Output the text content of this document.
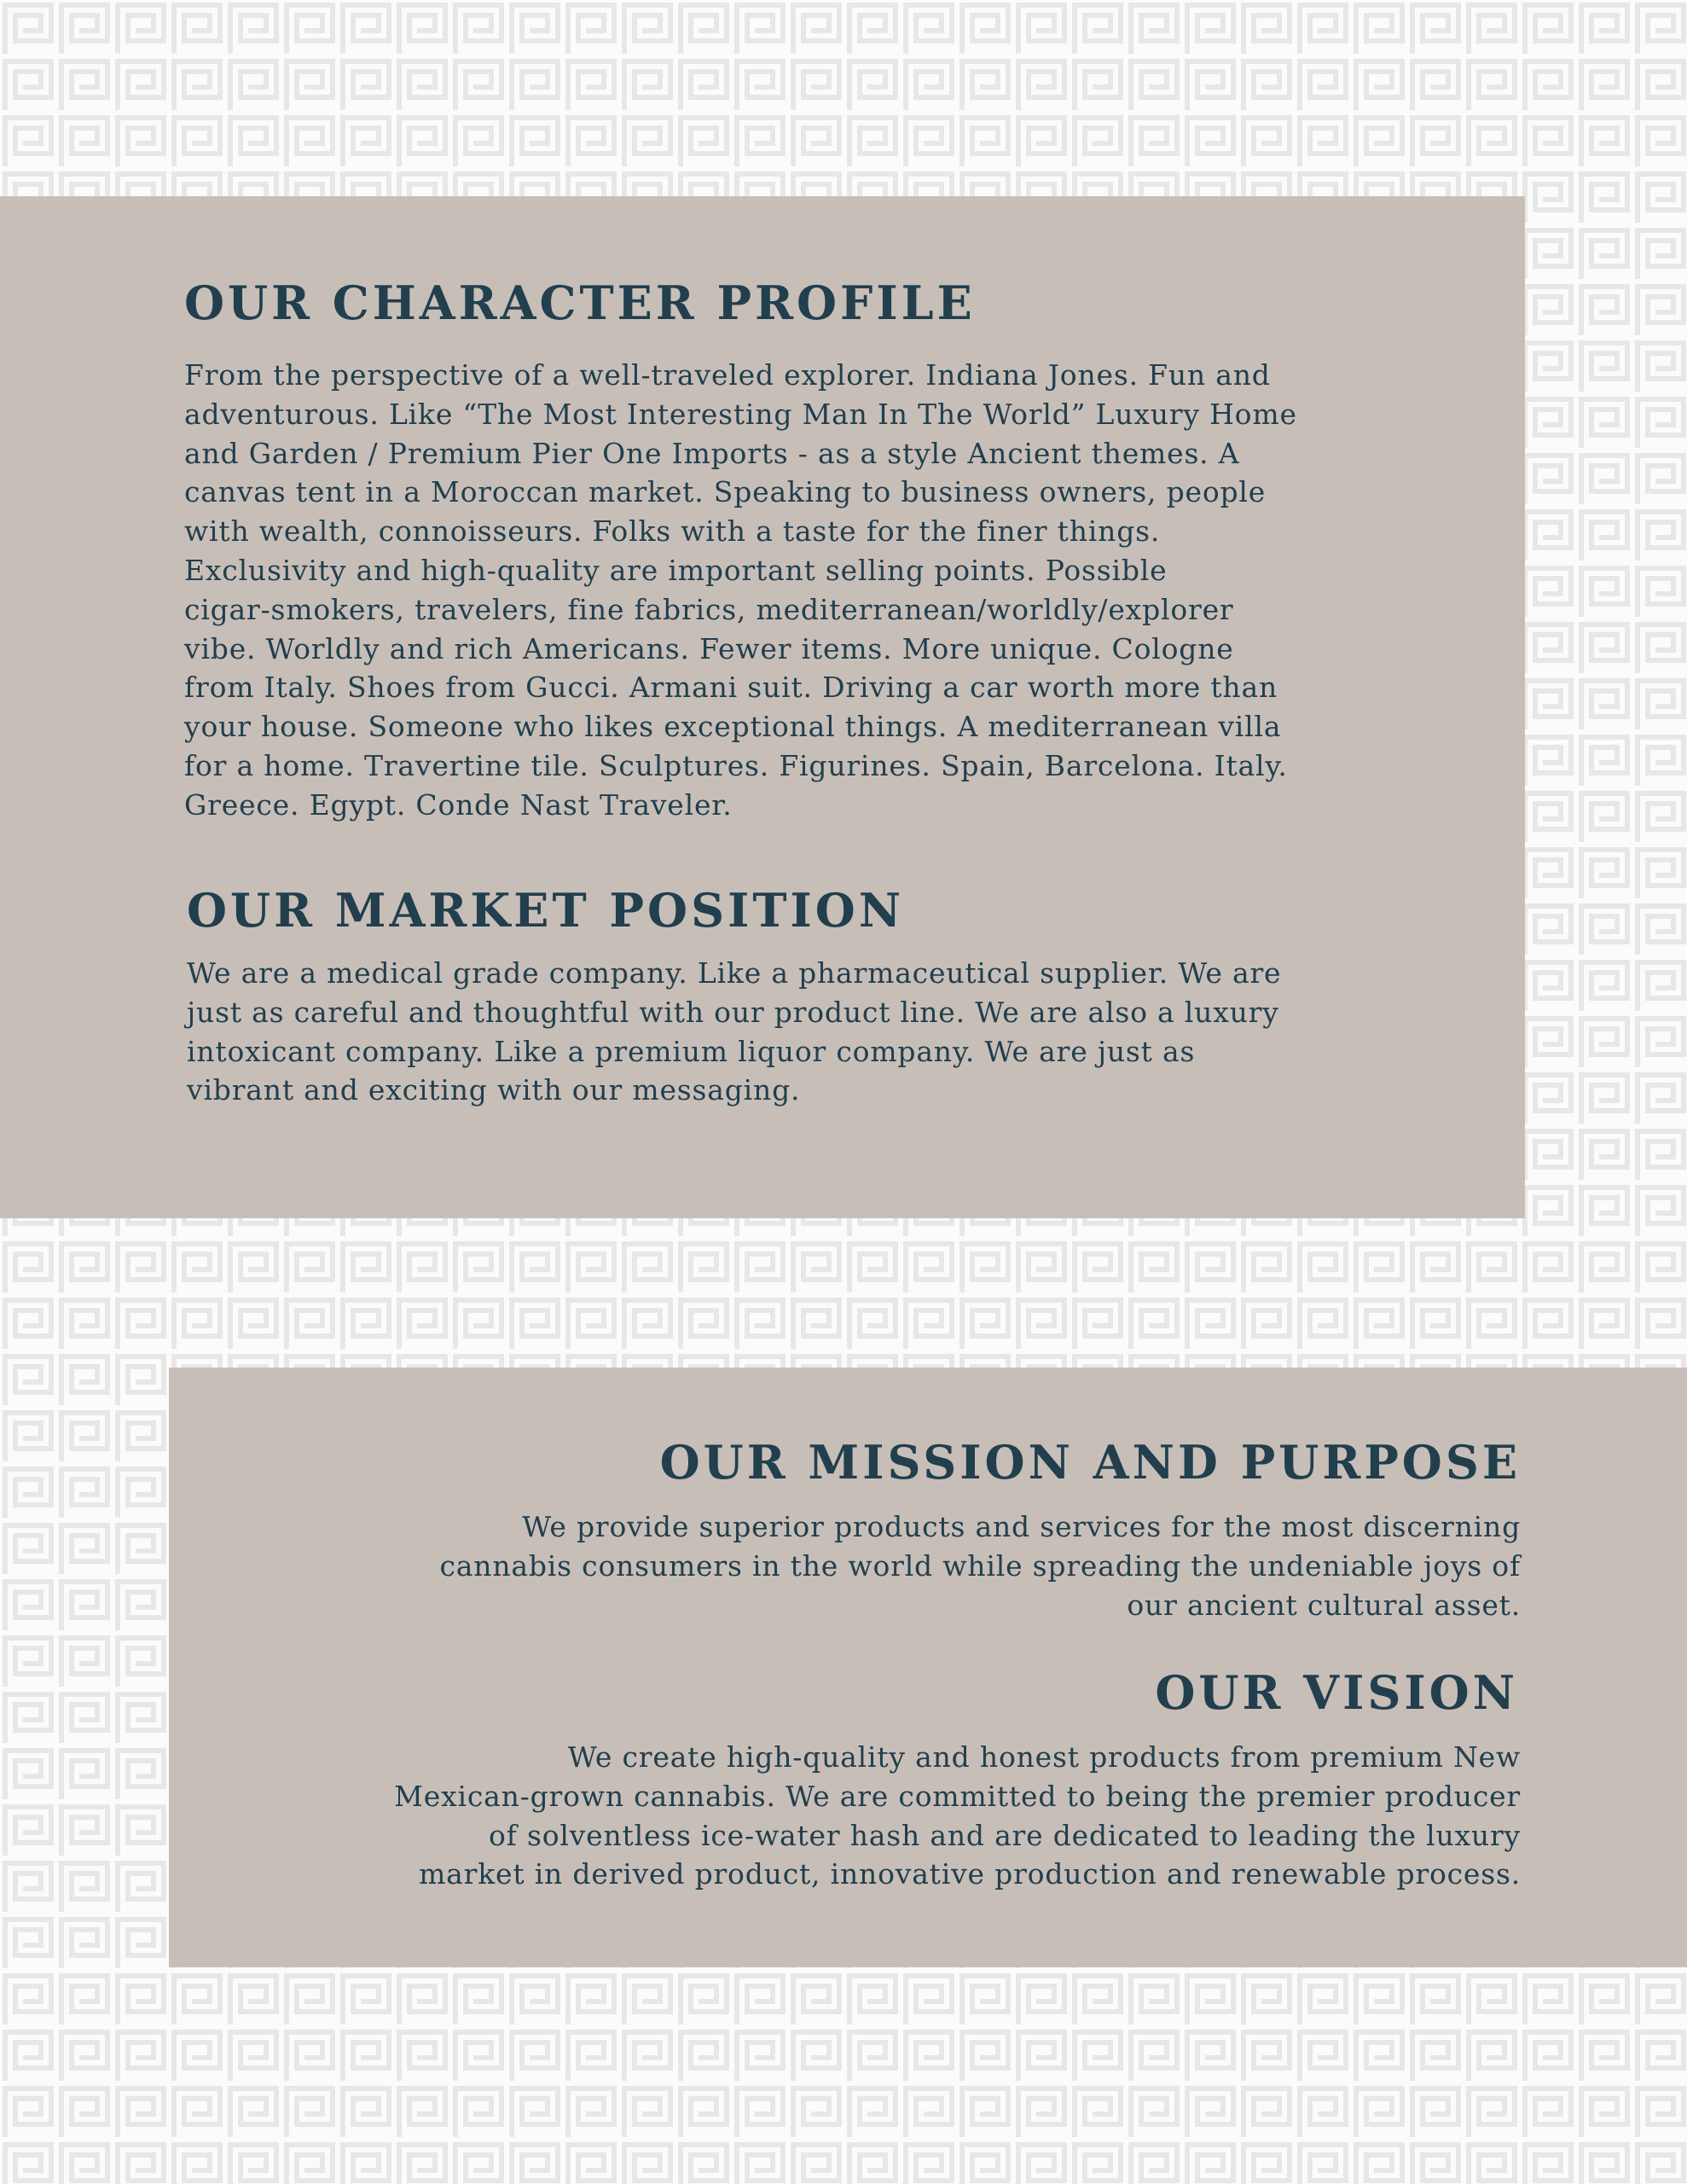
OUR CHARACTER PROFILE

From the perspective of a well-traveled explorer. Indiana Jones. Fun and
adventurous. Like “The Most Interesting Man In The World” Luxury Home
and Garden / Premium Pier One Imports - as a style Ancient themes. A
canvas tent in a Moroccan market. Speaking to business owners, people
with wealth, connoisseurs. Folks with a taste for the finer things.
Exclusivity and high-quality are important selling points. Possible
cigar-smokers, travelers, fine fabrics, mediterranean/worldly/explorer
vibe. Worldly and rich Americans. Fewer items. More unique. Cologne
from Italy. Shoes from Gucci. Armani suit. Driving a car worth more than
your house. Someone who likes exceptional things. A mediterranean villa
for a home. Travertine tile. Sculptures. Figurines. Spain, Barcelona. Italy.
Greece. Egypt. Conde Nast Traveler.

OUR MARKET POSITION

We are a medical grade company. Like a pharmaceutical supplier. We are
just as careful and thoughtful with our product line. We are also a luxury
intoxicant company. Like a premium liquor company. We are just as
vibrant and exciting with our messaging.

OUR MISSION AND PURPOSE

We provide superior products and services for the most discerning
cannabis consumers in the world while spreading the undeniable joys of
our ancient cultural asset.

OUR VISION

We create high-quality and honest products from premium New
Mexican-grown cannabis. We are committed to being the premier producer
of solventless ice-water hash and are dedicated to leading the luxury
market in derived product, innovative production and renewable process.
